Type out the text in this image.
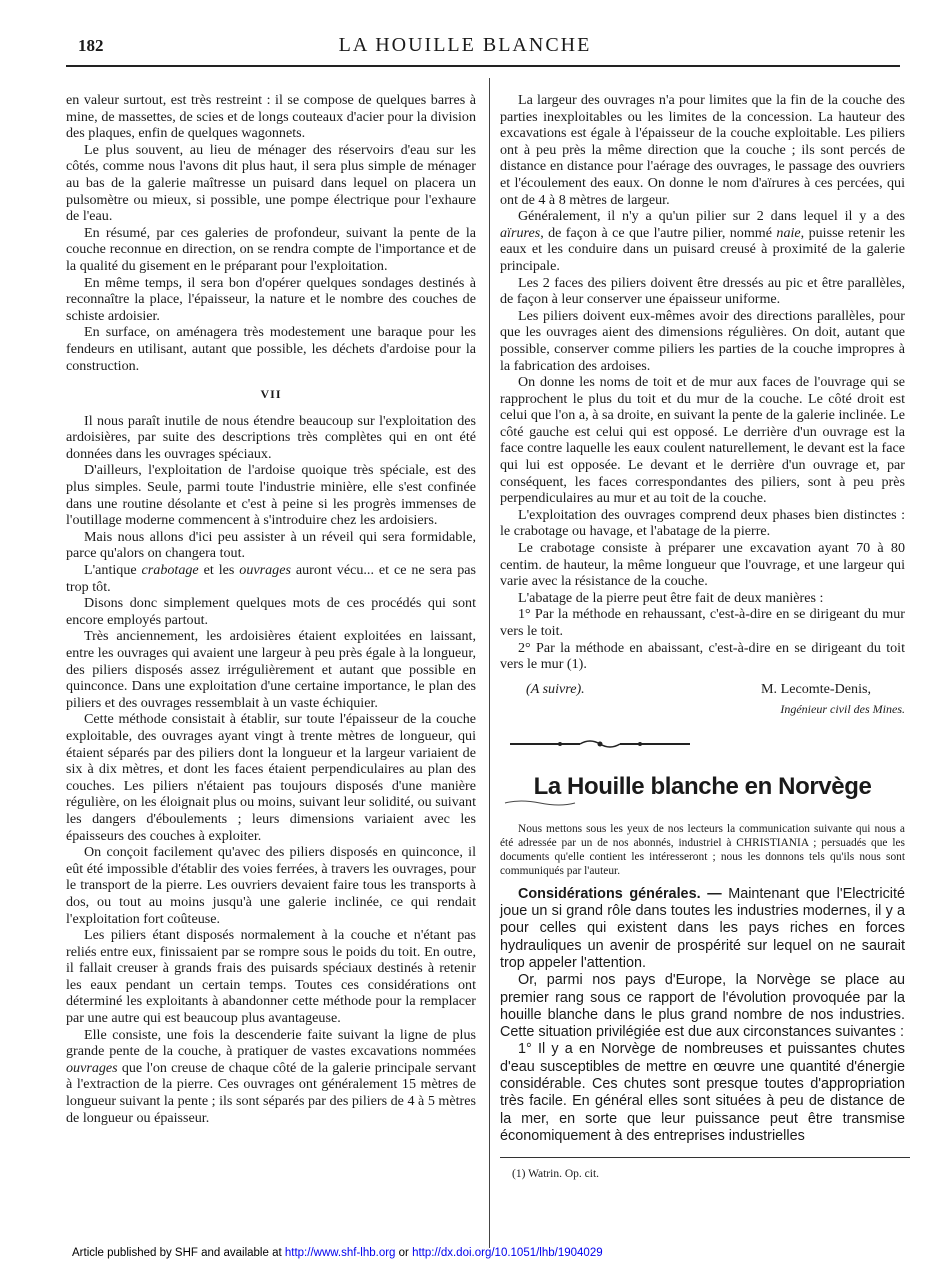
182	LA HOUILLE BLANCHE

en valeur surtout, est très restreint : il se compose de quelques barres à mine, de massettes, de scies et de longs couteaux d'acier pour la division des plaques, enfin de quelques wagonnets.

Le plus souvent, au lieu de ménager des réservoirs d'eau sur les côtés, comme nous l'avons dit plus haut, il sera plus simple de ménager au bas de la galerie maîtresse un puisard dans lequel on placera un pulsomètre ou mieux, si possible, une pompe électrique pour l'exhaure de l'eau.

En résumé, par ces galeries de profondeur, suivant la pente de la couche reconnue en direction, on se rendra compte de l'importance et de la qualité du gisement en le préparant pour l'exploitation.

En même temps, il sera bon d'opérer quelques sondages destinés à reconnaître la place, l'épaisseur, la nature et le nombre des couches de schiste ardoisier.

En surface, on aménagera très modestement une baraque pour les fendeurs en utilisant, autant que possible, les déchets d'ardoise pour la construction.

VII

Il nous paraît inutile de nous étendre beaucoup sur l'exploitation des ardoisières, par suite des descriptions très complètes qui en ont été données dans les ouvrages spéciaux.

D'ailleurs, l'exploitation de l'ardoise quoique très spéciale, est des plus simples. Seule, parmi toute l'industrie minière, elle s'est confinée dans une routine désolante et c'est à peine si les progrès immenses de l'outillage moderne commencent à s'introduire chez les ardoisiers.

Mais nous allons d'ici peu assister à un réveil qui sera formidable, parce qu'alors on changera tout.

L'antique crabotage et les ouvrages auront vécu... et ce ne sera pas trop tôt.

Disons donc simplement quelques mots de ces procédés qui sont encore employés partout.

Très anciennement, les ardoisières étaient exploitées en laissant, entre les ouvrages qui avaient une largeur à peu près égale à la longueur, des piliers disposés assez irrégulièrement et autant que possible en quinconce. Dans une exploitation d'une certaine importance, le plan des piliers et des ouvrages ressemblait à un vaste échiquier.

Cette méthode consistait à établir, sur toute l'épaisseur de la couche exploitable, des ouvrages ayant vingt à trente mètres de longueur, qui étaient séparés par des piliers dont la longueur et la largeur variaient de six à dix mètres, et dont les faces étaient perpendiculaires au plan des couches. Les piliers n'étaient pas toujours disposés d'une manière régulière, on les éloignait plus ou moins, suivant leur solidité, ou suivant les dangers d'éboulements ; leurs dimensions variaient avec les épaisseurs des couches à exploiter.

On conçoit facilement qu'avec des piliers disposés en quinconce, il eût été impossible d'établir des voies ferrées, à travers les ouvrages, pour le transport de la pierre. Les ouvriers devaient faire tous les transports à dos, ou tout au moins jusqu'à une galerie inclinée, ce qui rendait l'exploitation fort coûteuse.

Les piliers étant disposés normalement à la couche et n'étant pas reliés entre eux, finissaient par se rompre sous le poids du toit. En outre, il fallait creuser à grands frais des puisards spéciaux destinés à retenir les eaux pendant un certain temps. Toutes ces considérations ont déterminé les exploitants à abandonner cette méthode pour la remplacer par une autre qui est beaucoup plus avantageuse.

Elle consiste, une fois la descenderie faite suivant la ligne de plus grande pente de la couche, à pratiquer de vastes excavations nommées ouvrages que l'on creuse de chaque côté de la galerie principale servant à l'extraction de la pierre. Ces ouvrages ont généralement 15 mètres de longueur suivant la pente ; ils sont séparés par des piliers de 4 à 5 mètres de longueur ou épaisseur.

La largeur des ouvrages n'a pour limites que la fin de la couche des parties inexploitables ou les limites de la concession. La hauteur des excavations est égale à l'épaisseur de la couche exploitable. Les piliers ont à peu près la même direction que la couche ; ils sont percés de distance en distance pour l'aérage des ouvrages, le passage des ouvriers et l'écoulement des eaux. On donne le nom d'aïrures à ces percées, qui ont de 4 à 8 mètres de largeur.

Généralement, il n'y a qu'un pilier sur 2 dans lequel il y a des aïrures, de façon à ce que l'autre pilier, nommé naie, puisse retenir les eaux et les conduire dans un puisard creusé à proximité de la galerie principale.

Les 2 faces des piliers doivent être dressés au pic et être parallèles, de façon à leur conserver une épaisseur uniforme.

Les piliers doivent eux-mêmes avoir des directions parallèles, pour que les ouvrages aient des dimensions régulières. On doit, autant que possible, conserver comme piliers les parties de la couche impropres à la fabrication des ardoises.

On donne les noms de toit et de mur aux faces de l'ouvrage qui se rapprochent le plus du toit et du mur de la couche. Le côté droit est celui que l'on a, à sa droite, en suivant la pente de la galerie inclinée. Le côté gauche est celui qui est opposé. Le derrière d'un ouvrage est la face contre laquelle les eaux coulent naturellement, le devant est la face qui lui est opposée. Le devant et le derrière d'un ouvrage et, par conséquent, les faces correspondantes des piliers, sont à peu près perpendiculaires au mur et au toit de la couche.

L'exploitation des ouvrages comprend deux phases bien distinctes : le crabotage ou havage, et l'abatage de la pierre.

Le crabotage consiste à préparer une excavation ayant 70 à 80 centim. de hauteur, la même longueur que l'ouvrage, et une largeur qui varie avec la résistance de la couche.

L'abatage de la pierre peut être fait de deux manières :

1° Par la méthode en rehaussant, c'est-à-dire en se dirigeant du mur vers le toit.

2° Par la méthode en abaissant, c'est-à-dire en se dirigeant du toit vers le mur (1).

(A suivre).	M. Lecomte-Denis,
Ingénieur civil des Mines.
La Houille blanche en Norvège

Nous mettons sous les yeux de nos lecteurs la communication suivante qui nous a été adressée par un de nos abonnés, industriel à CHRISTIANIA ; persuadés que les documents qu'elle contient les intéresseront ; nous les donnons tels qu'ils nous sont communiqués par l'auteur.

Considérations générales. — Maintenant que l'Electricité joue un si grand rôle dans toutes les industries modernes, il y a pour celles qui existent dans les pays riches en forces hydrauliques un avenir de prospérité sur lequel on ne saurait trop appeler l'attention.

Or, parmi nos pays d'Europe, la Norvège se place au premier rang sous ce rapport de l'évolution provoquée par la houille blanche dans le plus grand nombre de nos industries. Cette situation privilégiée est due aux circonstances suivantes :

1° Il y a en Norvège de nombreuses et puissantes chutes d'eau susceptibles de mettre en œuvre une quantité d'énergie considérable. Ces chutes sont presque toutes d'appropriation très facile. En général elles sont situées à peu de distance de la mer, en sorte que leur puissance peut être transmise économiquement à des entreprises industrielles

(1) Watrin. Op. cit.
Article published by SHF and available at http://www.shf-lhb.org or http://dx.doi.org/10.1051/lhb/1904029
